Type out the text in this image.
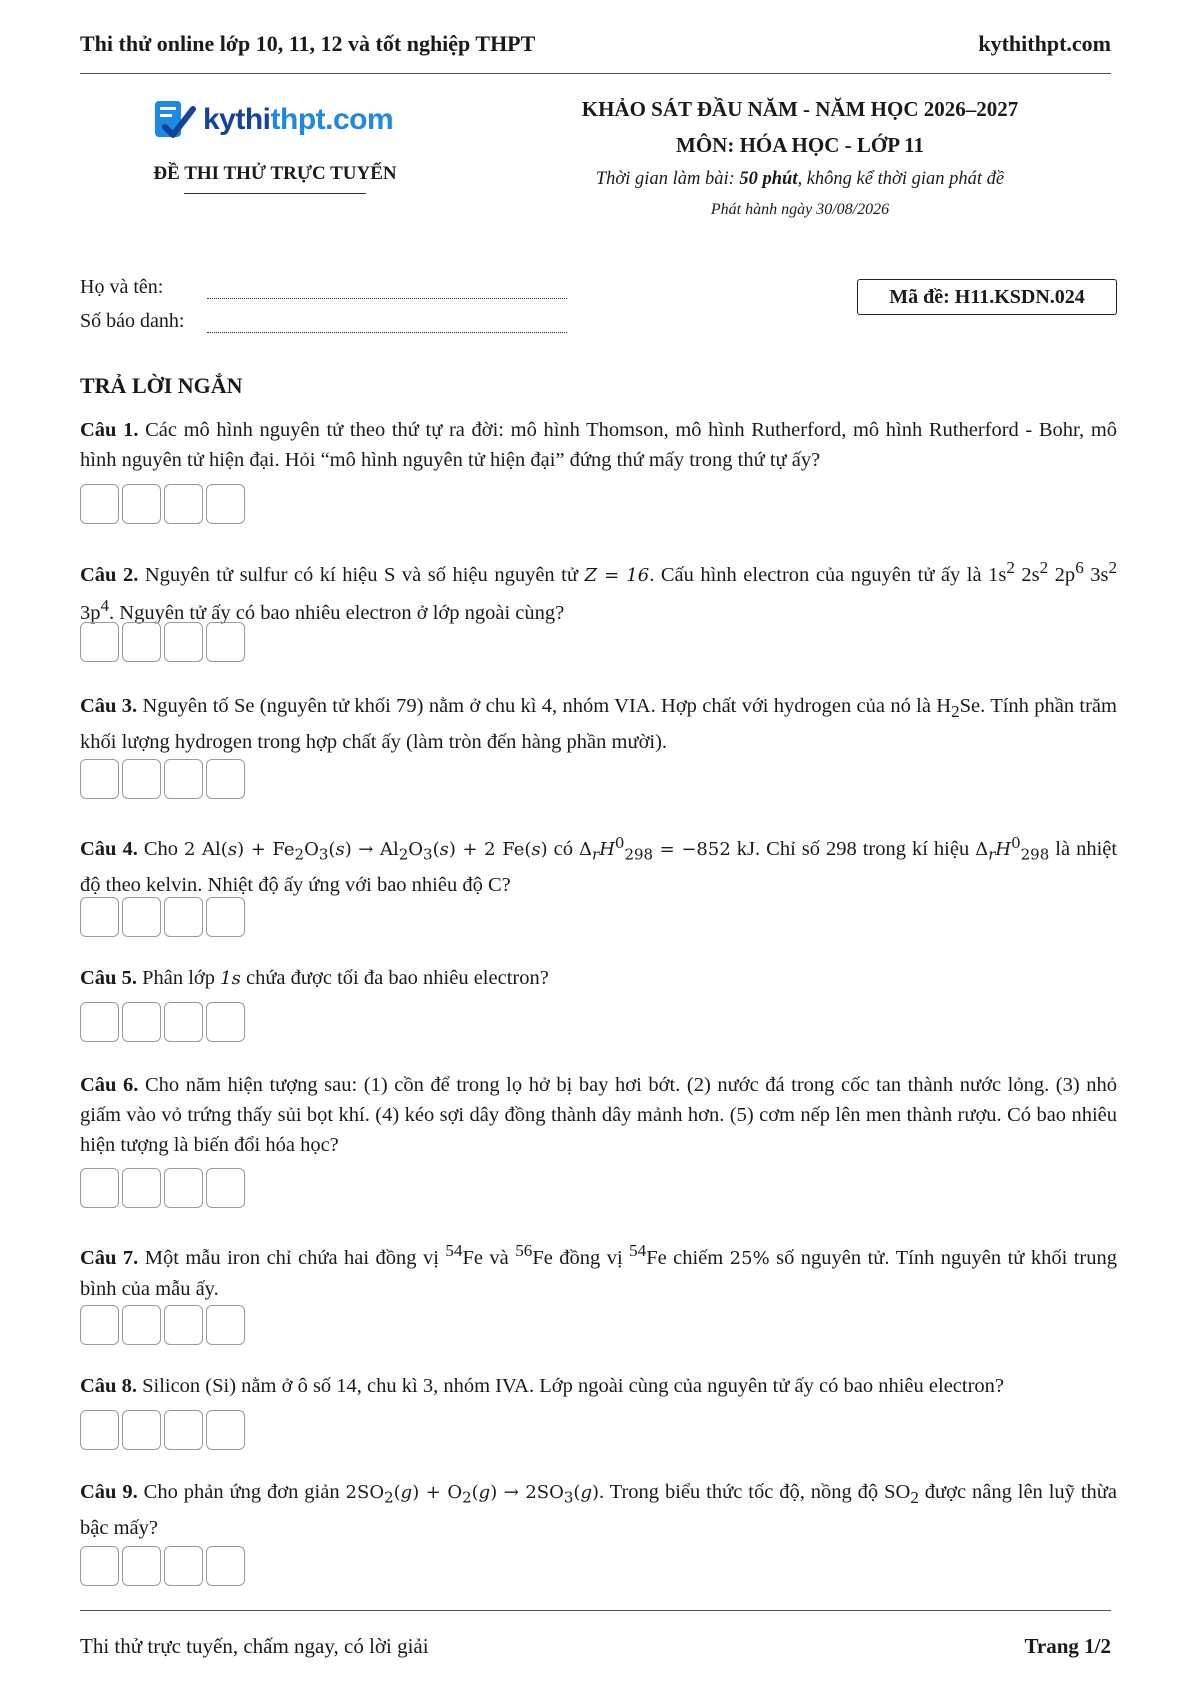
Thi thử online lớp 10, 11, 12 và tốt nghiệp THPT	kythithpt.com
kythithpt.com
ĐỀ THI THỬ TRỰC TUYẾN
KHẢO SÁT ĐẦU NĂM - NĂM HỌC 2026–2027
MÔN: HÓA HỌC - LỚP 11
Thời gian làm bài: 50 phút, không kể thời gian phát đề
Phát hành ngày 30/08/2026
Họ và tên:
Số báo danh:
Mã đề: H11.KSDN.024
TRẢ LỜI NGẮN
Câu 1. Các mô hình nguyên tử theo thứ tự ra đời: mô hình Thomson, mô hình Rutherford, mô hình Rutherford - Bohr, mô hình nguyên tử hiện đại. Hỏi “mô hình nguyên tử hiện đại” đứng thứ mấy trong thứ tự ấy?
Câu 2. Nguyên tử sulfur có kí hiệu S và số hiệu nguyên tử Z = 16. Cấu hình electron của nguyên tử ấy là $1s^2$ $2s^2$ $2p^6$ $3s^2$ $3p^4$. Nguyên tử ấy có bao nhiêu electron ở lớp ngoài cùng?
Câu 3. Nguyên tố Se (nguyên tử khối 79) nằm ở chu kì 4, nhóm VIA. Hợp chất với hydrogen của nó là $H_2Se$. Tính phần trăm khối lượng hydrogen trong hợp chất ấy (làm tròn đến hàng phần mười).
Câu 4. Cho 2 $Al(s) + Fe_2O_3(s) \to Al_2O_3(s) + 2$ Fe(s) có $\Delta_rH^0_{298} = -852$ kJ. Chỉ số 298 trong kí hiệu $\Delta_rH^0_{298}$ là nhiệt độ theo kelvin. Nhiệt độ ấy ứng với bao nhiêu độ C?
Câu 5. Phân lớp 1s chứa được tối đa bao nhiêu electron?
Câu 6. Cho năm hiện tượng sau: (1) cồn để trong lọ hở bị bay hơi bớt. (2) nước đá trong cốc tan thành nước lỏng. (3) nhỏ giấm vào vỏ trứng thấy sủi bọt khí. (4) kéo sợi dây đồng thành dây mảnh hơn. (5) cơm nếp lên men thành rượu. Có bao nhiêu hiện tượng là biến đổi hóa học?
Câu 7. Một mẫu iron chỉ chứa hai đồng vị $^{54}$Fe và $^{56}$Fe đồng vị $^{54}$Fe chiếm 25% số nguyên tử. Tính nguyên tử khối trung bình của mẫu ấy.
Câu 8. Silicon (Si) nằm ở ô số 14, chu kì 3, nhóm IVA. Lớp ngoài cùng của nguyên tử ấy có bao nhiêu electron?
Câu 9. Cho phản ứng đơn giản $2SO_2(g) + O_2(g) \to 2SO_3(g)$. Trong biểu thức tốc độ, nồng độ $SO_2$ được nâng lên luỹ thừa bậc mấy?
Thi thử trực tuyến, chấm ngay, có lời giải	Trang 1/2
